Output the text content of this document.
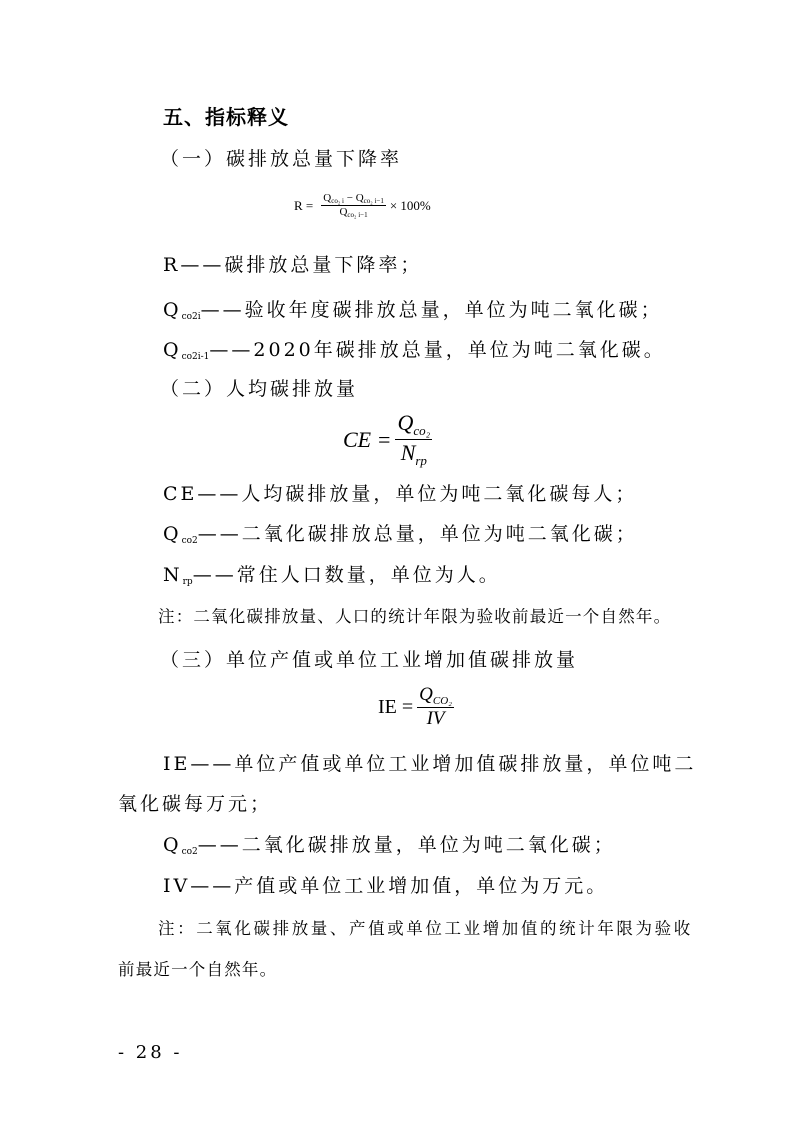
五、指标释义
（一）碳排放总量下降率
$R = \frac{\text{Qco₂ i − Qco₂ i−1}}{\text{Qco₂ i−1}} \times 100\%$
R——碳排放总量下降率；
$Q_{co2i}——$验收年度碳排放总量，单位为吨二氧化碳；
$Q_{co2i-1}——2020$年碳排放总量，单位为吨二氧化碳。
（二）人均碳排放量
CE = $\frac{Q_{co_2}}{N_{rp}}$
CE——人均碳排放量，单位为吨二氧化碳每人；
$Q_{co2}——$二氧化碳排放总量，单位为吨二氧化碳；
$N_{rp}——$常住人口数量，单位为人。
注：二氧化碳排放量、人口的统计年限为验收前最近一个自然年。
（三）单位产值或单位工业增加值碳排放量
IE = $\frac{Q_{CO_2}}{IV}$
IE——单位产值或单位工业增加值碳排放量，单位吨二
氧化碳每万元；
$Q_{co2}——$二氧化碳排放量，单位为吨二氧化碳；
IV——产值或单位工业增加值，单位为万元。
注：二氧化碳排放量、产值或单位工业增加值的统计年限为验收
前最近一个自然年。
- 28 -
